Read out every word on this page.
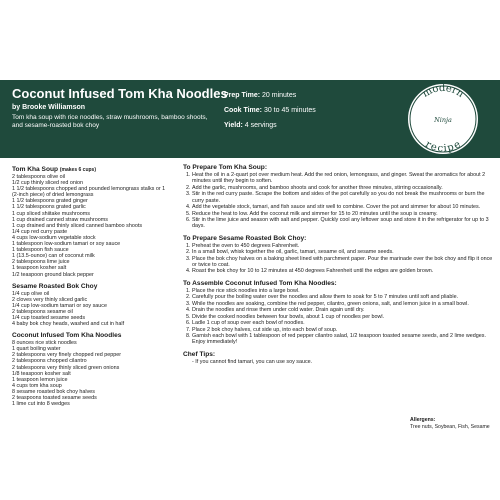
Coconut Infused Tom Kha Noodles
by Brooke Williamson
Tom kha soup with rice noodles, straw mushrooms, bamboo shoots, and sesame-roasted bok choy
Prep Time: 20 minutes
Cook Time: 30 to 45 minutes
Yield: 4 servings
modern
Ninja
recipe
Tom Kha Soup (makes 6 cups)
2 tablespoons olive oil
1/2 cup thinly sliced red onion
1 1/2 tablespoons chopped and pounded lemongrass stalks or 1 (2-inch piece) of dried lemongrass
1 1/2 tablespoons grated ginger
1 1/2 tablespoons grated garlic
1 cup sliced shiitake mushrooms
1 cup drained canned straw mushrooms
1 cup drained and thinly sliced canned bamboo shoots
1/4 cup red curry paste
4 cups low-sodium vegetable stock
1 tablespoon low-sodium tamari or soy sauce
1 tablespoon fish sauce
1 (13.5-ounce) can of coconut milk
2 tablespoons lime juice
1 teaspoon kosher salt
1/2 teaspoon ground black pepper
Sesame Roasted Bok Choy
1/4 cup olive oil
2 cloves very thinly sliced garlic
1/4 cup low-sodium tamari or soy sauce
2 tablespoons sesame oil
1/4 cup toasted sesame seeds
4 baby bok choy heads, washed and cut in half
Coconut Infused Tom Kha Noodles
8 ounces rice stick noodles
1 quart boiling water
2 tablespoons very finely chopped red pepper
2 tablespoons chopped cilantro
2 tablespoons very thinly sliced green onions
1/8 teaspoon kosher salt
1 teaspoon lemon juice
4 cups tom kha soup
8 sesame roasted bok choy halves
2 teaspoons toasted sesame seeds
1 lime cut into 8 wedges
To Prepare Tom Kha Soup:
1. Heat the oil in a 2-quart pot over medium heat. Add the red onion, lemongrass, and ginger. Sweat the aromatics for about 2 minutes until they begin to soften.
2. Add the garlic, mushrooms, and bamboo shoots and cook for another three minutes, stirring occasionally.
3. Stir in the red curry paste. Scrape the bottom and sides of the pot carefully so you do not break the mushrooms or burn the curry paste.
4. Add the vegetable stock, tamari, and fish sauce and stir well to combine. Cover the pot and simmer for about 10 minutes.
5. Reduce the heat to low. Add the coconut milk and simmer for 15 to 20 minutes until the soup is creamy.
6. Stir in the lime juice and season with salt and pepper. Quickly cool any leftover soup and store it in the refrigerator for up to 3 days.
To Prepare Sesame Roasted Bok Choy:
1. Preheat the oven to 450 degrees Fahrenheit.
2. In a small bowl, whisk together the oil, garlic, tamari, sesame oil, and sesame seeds.
3. Place the bok choy halves on a baking sheet lined with parchment paper. Pour the marinade over the bok choy and flip it once or twice to coat.
4. Roast the bok choy for 10 to 12 minutes at 450 degrees Fahrenheit until the edges are golden brown.
To Assemble Coconut Infused Tom Kha Noodles:
1. Place the rice stick noodles into a large bowl.
2. Carefully pour the boiling water over the noodles and allow them to soak for 5 to 7 minutes until soft and pliable.
3. While the noodles are soaking, combine the red pepper, cilantro, green onions, salt, and lemon juice in a small bowl.
4. Drain the noodles and rinse them under cold water. Drain again until dry.
5. Divide the cooked noodles between four bowls, about 1 cup of noodles per bowl.
6. Ladle 1 cup of soup over each bowl of noodles.
7. Place 2 bok choy halves, cut side up, into each bowl of soup.
8. Garnish each bowl with 1 tablespoon of red pepper cilantro salad, 1/2 teaspoon toasted sesame seeds, and 2 lime wedges. Enjoy immediately!
Chef Tips:
- If you cannot find tamari, you can use soy sauce.
Allergens:
Tree nuts, Soybean, Fish, Sesame
